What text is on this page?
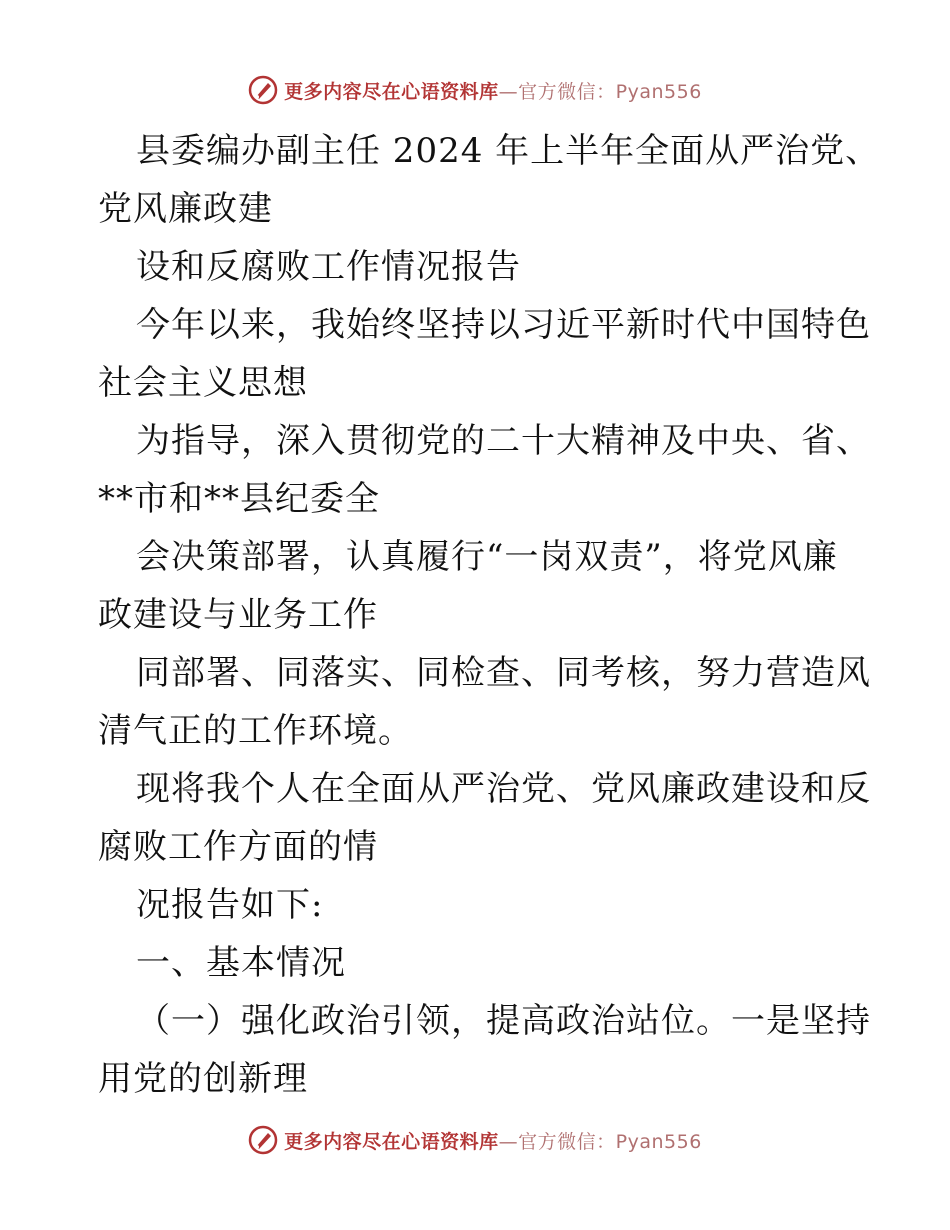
更多内容尽在心语资料库—官方微信：Pyan556
县委编办副主任 2024 年上半年全面从严治党、
党风廉政建
设和反腐败工作情况报告
今年以来，我始终坚持以习近平新时代中国特色
社会主义思想
为指导，深入贯彻党的二十大精神及中央、省、
**市和**县纪委全
会决策部署，认真履行“一岗双责”，将党风廉
政建设与业务工作
同部署、同落实、同检查、同考核，努力营造风
清气正的工作环境。
现将我个人在全面从严治党、党风廉政建设和反
腐败工作方面的情
况报告如下:
一、基本情况
（一）强化政治引领，提高政治站位。一是坚持
用党的创新理
更多内容尽在心语资料库—官方微信：Pyan556
